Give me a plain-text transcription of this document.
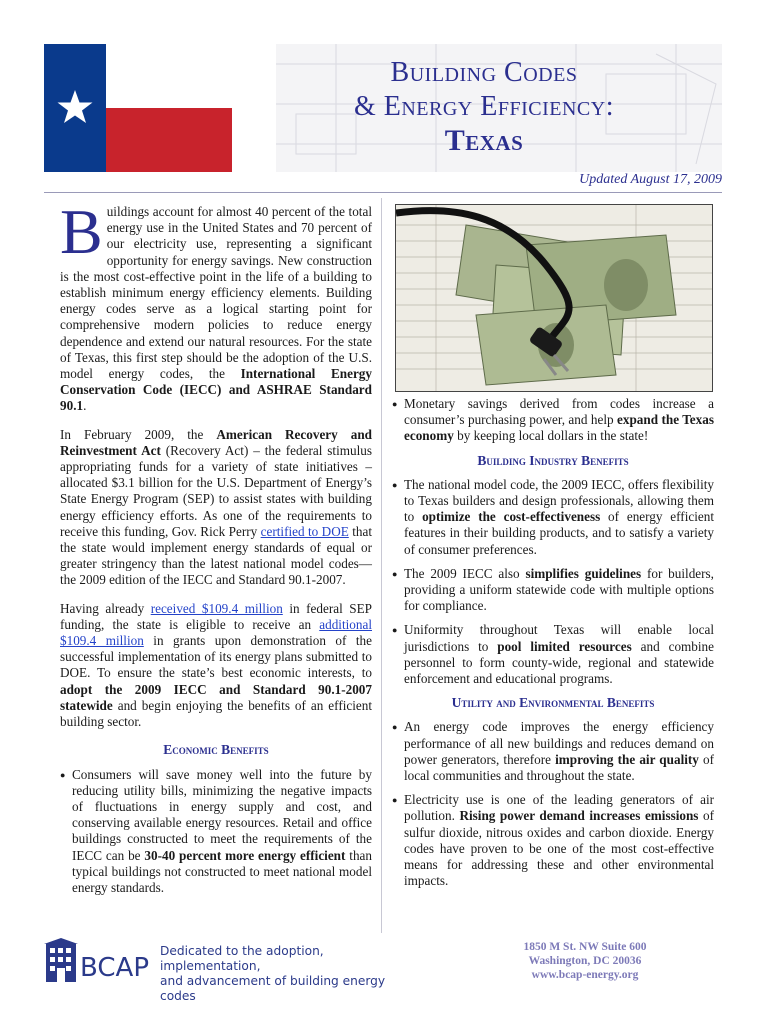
Building Codes
& Energy Efficiency:
Texas
Updated August 17, 2009

Buildings account for almost 40 percent of the total energy use in the United States and 70 percent of our electricity use, representing a significant opportunity for energy savings. New construction is the most cost-effective point in the life of a building to establish minimum energy efficiency elements. Building energy codes serve as a logical starting point for comprehensive modern policies to reduce energy dependence and extend our natural resources. For the state of Texas, this first step should be the adoption of the U.S. model energy codes, the International Energy Conservation Code (IECC) and ASHRAE Standard 90.1.

In February 2009, the American Recovery and Reinvestment Act (Recovery Act) – the federal stimulus appropriating funds for a variety of state initiatives – allocated $3.1 billion for the U.S. Department of Energy’s State Energy Program (SEP) to assist states with building energy efficiency efforts. As one of the requirements to receive this funding, Gov. Rick Perry certified to DOE that the state would implement energy standards of equal or greater stringency than the latest national model codes—the 2009 edition of the IECC and Standard 90.1-2007.

Having already received $109.4 million in federal SEP funding, the state is eligible to receive an additional $109.4 million in grants upon demonstration of the successful implementation of its energy plans submitted to DOE. To ensure the state’s best economic interests, to adopt the 2009 IECC and Standard 90.1-2007 statewide and begin enjoying the benefits of an efficient building sector.

Economic Benefits
● Consumers will save money well into the future by reducing utility bills, minimizing the negative impacts of fluctuations in energy supply and cost, and conserving available energy resources. Retail and office buildings constructed to meet the requirements of the IECC can be 30-40 percent more energy efficient than typical buildings not constructed to meet national model energy standards.
● Monetary savings derived from codes increase a consumer’s purchasing power, and help expand the Texas economy by keeping local dollars in the state!
Building Industry Benefits
● The national model code, the 2009 IECC, offers flexibility to Texas builders and design professionals, allowing them to optimize the cost-effectiveness of energy efficient features in their building products, and to satisfy a variety of consumer preferences.
● The 2009 IECC also simplifies guidelines for builders, providing a uniform statewide code with multiple options for compliance.
● Uniformity throughout Texas will enable local jurisdictions to pool limited resources and combine personnel to form county-wide, regional and statewide enforcement and educational programs.
Utility and Environmental Benefits
● An energy code improves the energy efficiency performance of all new buildings and reduces demand on power generators, therefore improving the air quality of local communities and throughout the state.
● Electricity use is one of the leading generators of air pollution. Rising power demand increases emissions of sulfur dioxide, nitrous oxides and carbon dioxide. Energy codes have proven to be one of the most cost-effective means for addressing these and other environmental impacts.
BCAP
Dedicated to the adoption, implementation,
and advancement of building energy codes
1850 M St. NW Suite 600
Washington, DC 20036
www.bcap-energy.org
